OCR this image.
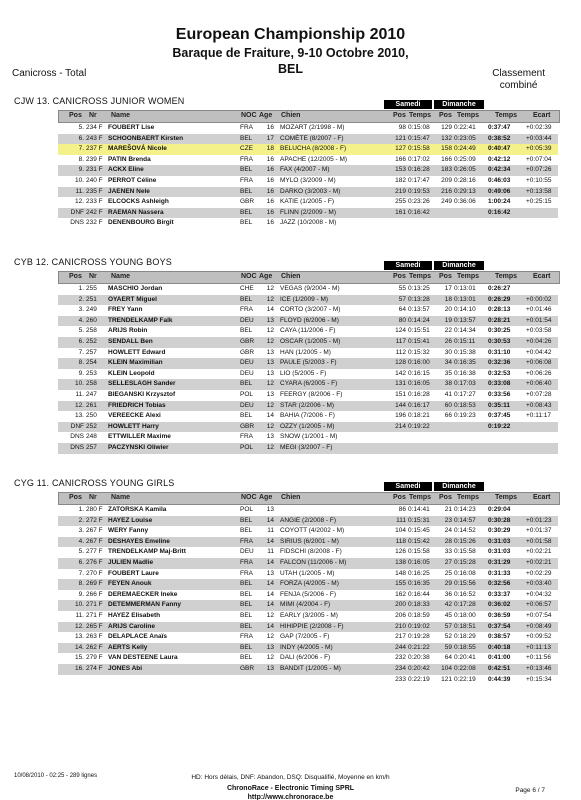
European Championship 2010
Baraque de Fraiture, 9-10 Octobre 2010,
BEL
Canicross - Total	Classement
combiné
CJW 13. CANICROSS JUNIOR WOMEN	Samedi	Dimanche
Pos Nr Name	NOC Age Chien	Pos Temps Pos Temps Temps Ecart
5. 234 F FOUBERT Lise	FRA	16 MOZART (2/1998 - M)	98 0:15:08	129 0:22:41	0:37:47	+0:02:39
6. 243 F SCHOONBAERT Kirsten	BEL	17 COMÈTE (8/2007 - F)	121 0:15:47	132 0:23:05	0:38:52	+0:03:44
7. 237 F MAREŠOVÁ Nicole	CZE	18 BELUCHA (8/2008 - F)	127 0:15:58	158 0:24:49	0:40:47	+0:05:39
8. 239 F PATIN Brenda	FRA	16 APACHE (12/2005 - M)	166 0:17:02	166 0:25:09	0:42:12	+0:07:04
9. 231 F ACKX Eline	BEL	16 FAX (4/2007 - M)	153 0:16:28	183 0:26:05	0:42:34	+0:07:26
10. 240 F PERROT Céline	FRA	16 MYLO (3/2009 - M)	182 0:17:47	209 0:28:16	0:46:03	+0:10:55
11. 235 F JAENEN Nele	BEL	16 DARKO (3/2003 - M)	219 0:19:53	216 0:29:13	0:49:06	+0:13:58
12. 233 F ELCOCKS Ashleigh	GBR	16 KATIE (1/2005 - F)	255 0:23:26	249 0:36:06	1:00:24	+0:25:15
DNF 242 F RAEMAN Nassera	BEL	16 FLINN (2/2009 - M)	161 0:16:42	0:16:42
DNS 232 F DENENBOURG Birgit	BEL	16 JAZZ (10/2008 - M)
CYB 12. CANICROSS YOUNG BOYS	Samedi	Dimanche
Pos Nr Name	NOC Age Chien	Pos Temps Pos Temps Temps Ecart
1. 255	MASCHIO Jordan	CHE	12 VEGAS (9/2004 - M)	55 0:13:25	17 0:13:01	0:26:27
2. 251	OYAERT Miguel	BEL	12 ICE (1/2009 - M)	57 0:13:28	18 0:13:01	0:26:29	+0:00:02
3. 249	FREY Yann	FRA	14 CORTO (3/2007 - M)	64 0:13:57	20 0:14:10	0:28:13	+0:01:46
4. 260	TRENDELKAMP Falk	DEU	13 FLOYD (6/2006 - M)	80 0:14:24	19 0:13:57	0:28:21	+0:01:54
5. 258	ARIJS Robin	BEL	12 CAYA (11/2006 - F)	124 0:15:51	22 0:14:34	0:30:25	+0:03:58
6. 252	SENDALL Ben	GBR	12 OSCAR (1/2005 - M)	117 0:15:41	26 0:15:11	0:30:53	+0:04:26
7. 257	HOWLETT Edward	GBR	13 HAN (1/2005 - M)	112 0:15:32	30 0:15:38	0:31:10	+0:04:42
8. 254	KLEIN Maximilian	DEU	13 PAULE (5/2003 - F)	128 0:16:00	34 0:16:35	0:32:36	+0:06:08
9. 253	KLEIN Leopold	DEU	13 LIO (5/2005 - F)	142 0:16:15	35 0:16:38	0:32:53	+0:06:26
10. 258	SELLESLAGH Sander	BEL	12 CYARA (6/2005 - F)	131 0:16:05	38 0:17:03	0:33:08	+0:06:40
11. 247	BIEGANSKI Krzysztof	POL	13 FEERGY (8/2006 - F)	151 0:16:28	41 0:17:27	0:33:56	+0:07:28
12. 261	FRIEDRICH Tobias	DEU	12 STAR (2/2006 - M)	144 0:16:17	60 0:18:53	0:35:11	+0:08:43
13. 250	VEREECKE Alexi	BEL	14 BAHIA (7/2006 - F)	196 0:18:21	66 0:19:23	0:37:45	+0:11:17
DNF 252	HOWLETT Harry	GBR	12 OZZY (1/2005 - M)	214 0:19:22	0:19:22
DNS 248	ETTWILLER Maxime	FRA	13 SNOW (1/2001 - M)
DNS 257	PACZYNSKI Oliwier	POL	12 MEGI (3/2007 - F)
CYG 11. CANICROSS YOUNG GIRLS	Samedi	Dimanche
Pos Nr Name	NOC Age Chien	Pos Temps Pos Temps Temps Ecart
1. 280 F ZATORSKA Kamila	POL	13	86 0:14:41	21 0:14:23	0:29:04
2. 272 F HAYEZ Louise	BEL	14 ANGIE (2/2008 - F)	111 0:15:31	23 0:14:57	0:30:28	+0:01:23
3. 267 F WERY Fanny	BEL	11 COYOTT (4/2002 - M)	104 0:15:45	24 0:14:52	0:30:29	+0:01:37
4. 267 F DESHAYES Emeline	FRA	14 SIRIUS (6/2001 - M)	118 0:15:42	28 0:15:26	0:31:03	+0:01:58
5. 277 F TRENDELKAMP Maj-Britt	DEU	11 FIDSCHI (8/2008 - F)	126 0:15:58	33 0:15:58	0:31:03	+0:02:21
6. 276 F JULIEN Madlie	FRA	14 FALCON (11/2006 - M)	138 0:16:05	27 0:15:28	0:31:29	+0:02:21
7. 270 F FOUBERT Laure	FRA	13 UTAH (1/2005 - M)	148 0:16:25	25 0:16:08	0:31:33	+0:02:29
8. 269 F FEYEN Anouk	BEL	14 FORZA (4/2005 - M)	155 0:16:35	29 0:15:56	0:32:56	+0:03:40
9. 266 F DEREMAECKER Ineke	BEL	14 FENJA (5/2006 - F)	162 0:16:44	36 0:16:52	0:33:37	+0:04:32
10. 271 F DETEMMERMAN Fanny	BEL	14 MIMI (4/2004 - F)	200 0:18:33	42 0:17:28	0:36:02	+0:06:57
11. 271 F HAYEZ Elisabeth	BEL	12 EARLY (3/2005 - M)	206 0:18:59	45 0:18:00	0:36:59	+0:07:54
12. 265 F ARIJS Caroline	BEL	14 HIHIPPIE (2/2008 - F)	210 0:19:02	57 0:18:51	0:37:54	+0:08:49
13. 263 F DELAPLACE Anaïs	FRA	12 GAP (7/2005 - F)	217 0:19:28	52 0:18:29	0:38:57	+0:09:52
14. 262 F AERTS Kelly	BEL	13 INDY (4/2005 - M)	244 0:21:22	59 0:18:55	0:40:18	+0:11:13
15. 279 F VAN DESTEENE Laura	BEL	12 DALI (6/2006 - F)	232 0:20:38	64 0:20:41	0:41:00	+0:11:56
16. 274 F JONES Abi	GBR	13 BANDIT (1/2005 - M)	234 0:20:42	104 0:22:08	0:42:51	+0:13:46
233 0:22:19	121 0:22:19	0:44:39	+0:15:34
10/08/2010 - 02:25 - 289 lignes	HD: Hors délais, DNF: Abandon, DSQ: Disqualifié, Moyenne en km/h
ChronoRace - Electronic Timing SPRL
http://www.chronorace.be
Page 6 / 7
